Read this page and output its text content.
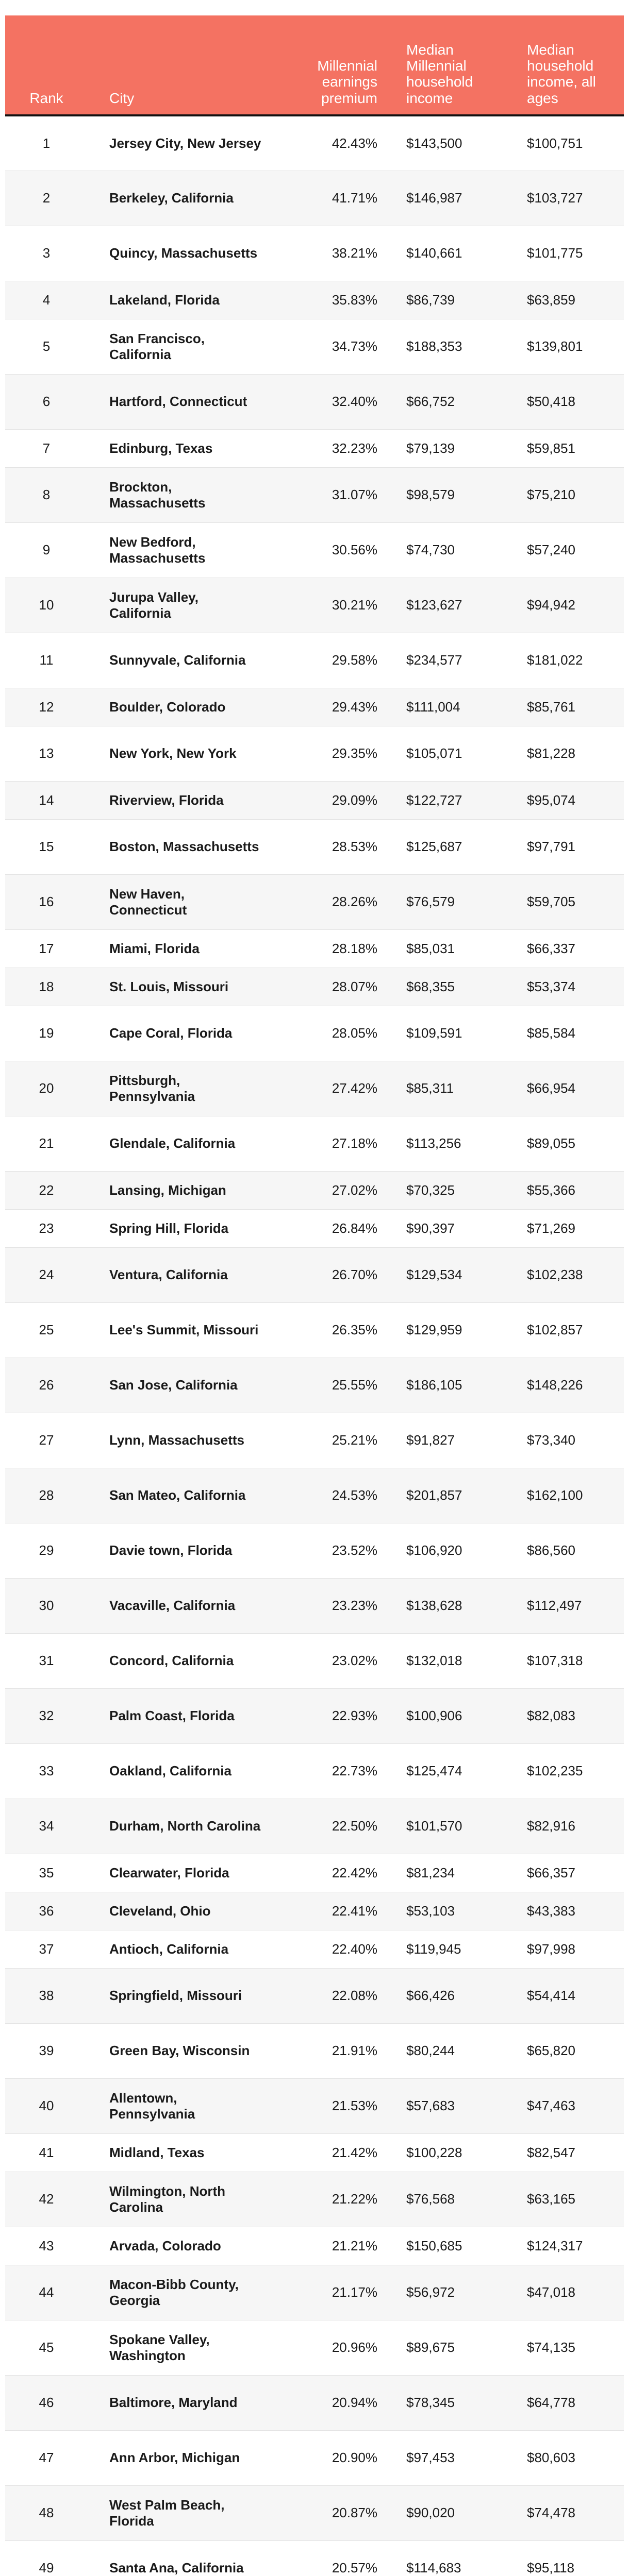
Rank	City	Millennial earnings premium	Median Millennial household income	Median household income, all ages
1	Jersey City, New Jersey	42.43%	$143,500	$100,751
2	Berkeley, California	41.71%	$146,987	$103,727
3	Quincy, Massachusetts	38.21%	$140,661	$101,775
4	Lakeland, Florida	35.83%	$86,739	$63,859
5	San Francisco, California	34.73%	$188,353	$139,801
6	Hartford, Connecticut	32.40%	$66,752	$50,418
7	Edinburg, Texas	32.23%	$79,139	$59,851
8	Brockton, Massachusetts	31.07%	$98,579	$75,210
9	New Bedford, Massachusetts	30.56%	$74,730	$57,240
10	Jurupa Valley, California	30.21%	$123,627	$94,942
11	Sunnyvale, California	29.58%	$234,577	$181,022
12	Boulder, Colorado	29.43%	$111,004	$85,761
13	New York, New York	29.35%	$105,071	$81,228
14	Riverview, Florida	29.09%	$122,727	$95,074
15	Boston, Massachusetts	28.53%	$125,687	$97,791
16	New Haven, Connecticut	28.26%	$76,579	$59,705
17	Miami, Florida	28.18%	$85,031	$66,337
18	St. Louis, Missouri	28.07%	$68,355	$53,374
19	Cape Coral, Florida	28.05%	$109,591	$85,584
20	Pittsburgh, Pennsylvania	27.42%	$85,311	$66,954
21	Glendale, California	27.18%	$113,256	$89,055
22	Lansing, Michigan	27.02%	$70,325	$55,366
23	Spring Hill, Florida	26.84%	$90,397	$71,269
24	Ventura, California	26.70%	$129,534	$102,238
25	Lee's Summit, Missouri	26.35%	$129,959	$102,857
26	San Jose, California	25.55%	$186,105	$148,226
27	Lynn, Massachusetts	25.21%	$91,827	$73,340
28	San Mateo, California	24.53%	$201,857	$162,100
29	Davie town, Florida	23.52%	$106,920	$86,560
30	Vacaville, California	23.23%	$138,628	$112,497
31	Concord, California	23.02%	$132,018	$107,318
32	Palm Coast, Florida	22.93%	$100,906	$82,083
33	Oakland, California	22.73%	$125,474	$102,235
34	Durham, North Carolina	22.50%	$101,570	$82,916
35	Clearwater, Florida	22.42%	$81,234	$66,357
36	Cleveland, Ohio	22.41%	$53,103	$43,383
37	Antioch, California	22.40%	$119,945	$97,998
38	Springfield, Missouri	22.08%	$66,426	$54,414
39	Green Bay, Wisconsin	21.91%	$80,244	$65,820
40	Allentown, Pennsylvania	21.53%	$57,683	$47,463
41	Midland, Texas	21.42%	$100,228	$82,547
42	Wilmington, North Carolina	21.22%	$76,568	$63,165
43	Arvada, Colorado	21.21%	$150,685	$124,317
44	Macon-Bibb County, Georgia	21.17%	$56,972	$47,018
45	Spokane Valley, Washington	20.96%	$89,675	$74,135
46	Baltimore, Maryland	20.94%	$78,345	$64,778
47	Ann Arbor, Michigan	20.90%	$97,453	$80,603
48	West Palm Beach, Florida	20.87%	$90,020	$74,478
49	Santa Ana, California	20.57%	$114,683	$95,118
